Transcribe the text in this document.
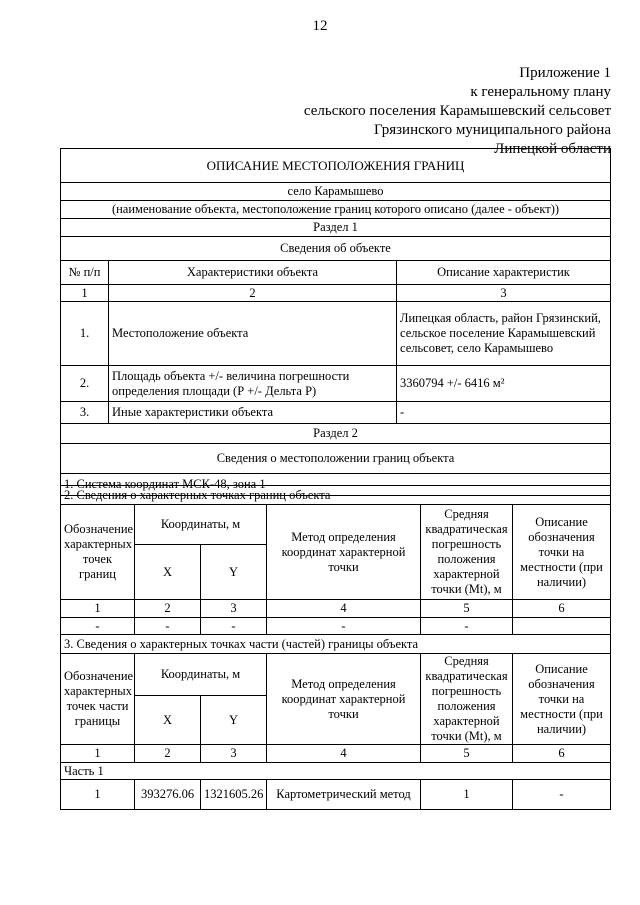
12
Приложение 1
к генеральному плану
сельского поселения Карамышевский сельсовет
Грязинского муниципального района
Липецкой области
ОПИСАНИЕ МЕСТОПОЛОЖЕНИЯ ГРАНИЦ		
село Карамышево		
(наименование объекта, местоположение границ которого описано (далее - объект))		
Раздел 1		
Сведения об объекте		
№ п/п	Характеристики объекта	Описание характеристик
1	2	3
1.	Местоположение объекта	Липецкая область, район Грязинский, сельское поселение Карамышевский сельсовет, село Карамышево
2.	Площадь объекта +/- величина погрешности определения площади (Р +/- Дельта Р)	3360794 +/- 6416 м²
3.	Иные характеристики объекта	-
Раздел 2		
Сведения о местоположении границ объекта		
1. Система координат МСК-48, зона 1		
2. Сведения о характерных точках границ объекта					
Обозначение характерных точек границ	Координаты, м		Метод определения координат характерной точки	Средняя квадратическая погрешность положения характерной точки (Mt), м	Описание обозначения точки на местности (при наличии)
	X	Y			
1	2	3	4	5	6
-	-	-	-	-	
3. Сведения о характерных точках части (частей) границы объекта					
Обозначение характерных точек части границы	Координаты, м		Метод определения координат характерной точки	Средняя квадратическая погрешность положения характерной точки (Mt), м	Описание обозначения точки на местности (при наличии)
	X	Y			
1	2	3	4	5	6
Часть 1					
1	393276.06	1321605.26	Картометрический метод	1	-
